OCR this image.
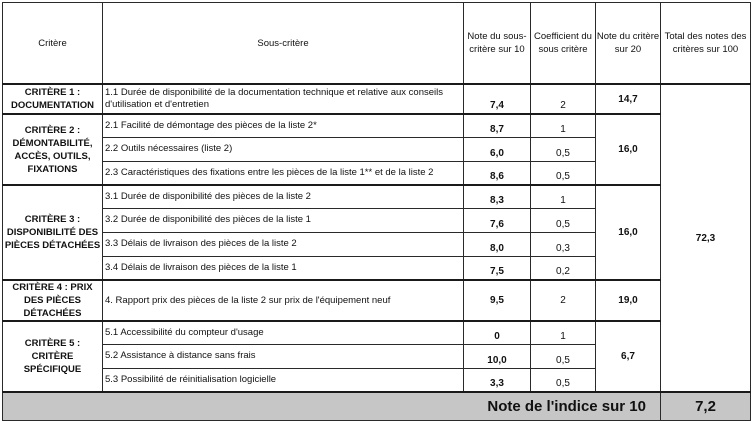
Critère	Sous-critère	Note du sous-critère sur 10	Coefficient du sous critère	Note du critère sur 20	Total des notes des critères sur 100
CRITÈRE 1 : DOCUMENTATION	1.1 Durée de disponibilité de la documentation technique et relative aux conseils d'utilisation et d'entretien	7,4	2	14,7	72,3
CRITÈRE 2 : DÉMONTABILITÉ, ACCÈS, OUTILS, FIXATIONS	2.1 Facilité de démontage des pièces de la liste 2*	8,7	1	16,0	
	2.2 Outils nécessaires (liste 2)	6,0	0,5		
	2.3 Caractéristiques des fixations entre les pièces de la liste 1** et de la liste 2	8,6	0,5		
CRITÈRE 3 : DISPONIBILITÉ DES PIÈCES DÉTACHÉES	3.1 Durée de disponibilité des pièces de la liste 2	8,3	1	16,0	
	3.2 Durée de disponibilité des pièces de la liste 1	7,6	0,5		
	3.3 Délais de livraison des pièces de la liste 2	8,0	0,3		
	3.4 Délais de livraison des pièces de la liste 1	7,5	0,2		
CRITÈRE 4 : PRIX DES PIÈCES DÉTACHÉES	4. Rapport prix des pièces de la liste 2 sur prix de l'équipement neuf	9,5	2	19,0	
CRITÈRE 5 : CRITÈRE SPÉCIFIQUE	5.1 Accessibilité du compteur d'usage	0	1	6,7	
	5.2 Assistance à distance sans frais	10,0	0,5		
	5.3 Possibilité de réinitialisation logicielle	3,3	0,5		
		Note de l'indice sur 10			7,2
